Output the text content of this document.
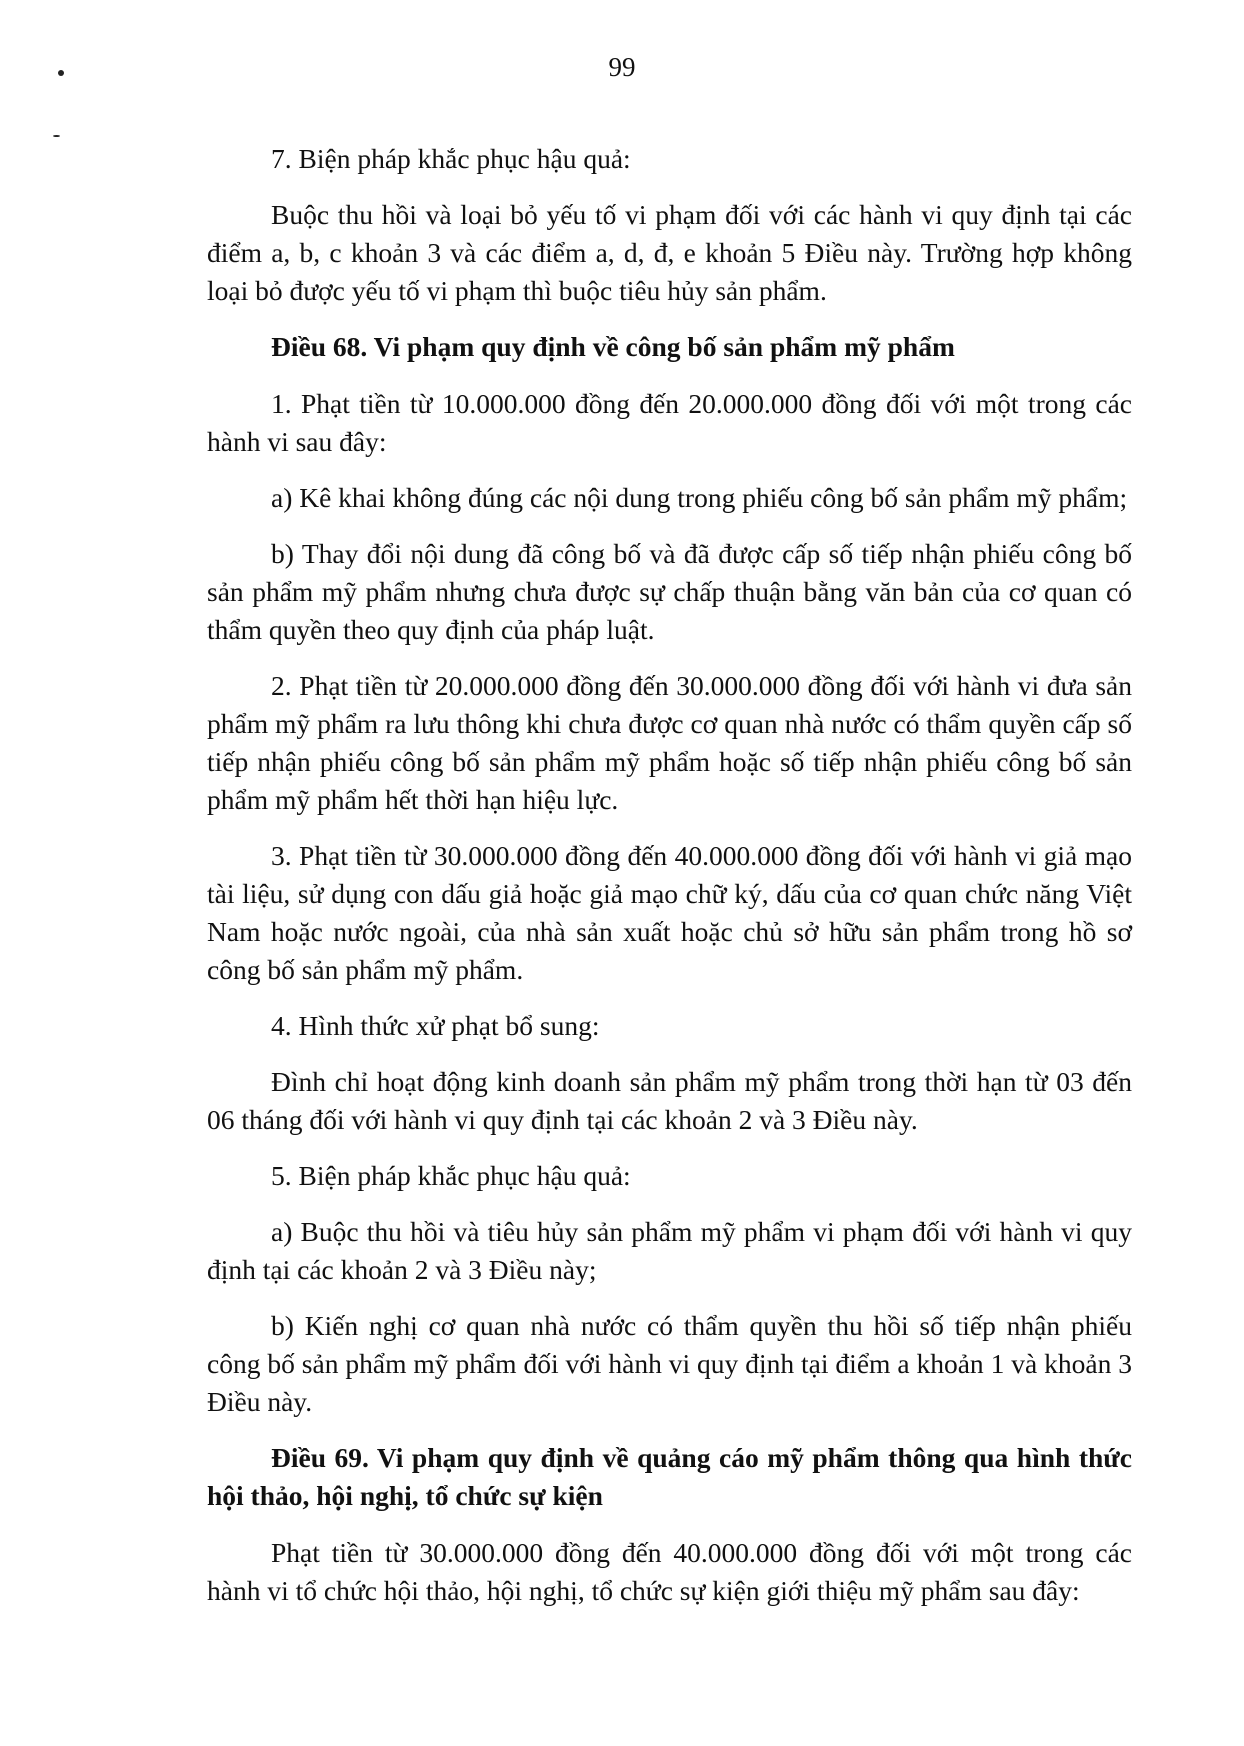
99

7. Biện pháp khắc phục hậu quả:

Buộc thu hồi và loại bỏ yếu tố vi phạm đối với các hành vi quy định tại các điểm a, b, c khoản 3 và các điểm a, d, đ, e khoản 5 Điều này. Trường hợp không loại bỏ được yếu tố vi phạm thì buộc tiêu hủy sản phẩm.

Điều 68. Vi phạm quy định về công bố sản phẩm mỹ phẩm

1. Phạt tiền từ 10.000.000 đồng đến 20.000.000 đồng đối với một trong các hành vi sau đây:

a) Kê khai không đúng các nội dung trong phiếu công bố sản phẩm mỹ phẩm;

b) Thay đổi nội dung đã công bố và đã được cấp số tiếp nhận phiếu công bố sản phẩm mỹ phẩm nhưng chưa được sự chấp thuận bằng văn bản của cơ quan có thẩm quyền theo quy định của pháp luật.

2. Phạt tiền từ 20.000.000 đồng đến 30.000.000 đồng đối với hành vi đưa sản phẩm mỹ phẩm ra lưu thông khi chưa được cơ quan nhà nước có thẩm quyền cấp số tiếp nhận phiếu công bố sản phẩm mỹ phẩm hoặc số tiếp nhận phiếu công bố sản phẩm mỹ phẩm hết thời hạn hiệu lực.

3. Phạt tiền từ 30.000.000 đồng đến 40.000.000 đồng đối với hành vi giả mạo tài liệu, sử dụng con dấu giả hoặc giả mạo chữ ký, dấu của cơ quan chức năng Việt Nam hoặc nước ngoài, của nhà sản xuất hoặc chủ sở hữu sản phẩm trong hồ sơ công bố sản phẩm mỹ phẩm.

4. Hình thức xử phạt bổ sung:

Đình chỉ hoạt động kinh doanh sản phẩm mỹ phẩm trong thời hạn từ 03 đến 06 tháng đối với hành vi quy định tại các khoản 2 và 3 Điều này.

5. Biện pháp khắc phục hậu quả:

a) Buộc thu hồi và tiêu hủy sản phẩm mỹ phẩm vi phạm đối với hành vi quy định tại các khoản 2 và 3 Điều này;

b) Kiến nghị cơ quan nhà nước có thẩm quyền thu hồi số tiếp nhận phiếu công bố sản phẩm mỹ phẩm đối với hành vi quy định tại điểm a khoản 1 và khoản 3 Điều này.

Điều 69. Vi phạm quy định về quảng cáo mỹ phẩm thông qua hình thức hội thảo, hội nghị, tổ chức sự kiện

Phạt tiền từ 30.000.000 đồng đến 40.000.000 đồng đối với một trong các hành vi tổ chức hội thảo, hội nghị, tổ chức sự kiện giới thiệu mỹ phẩm sau đây:
